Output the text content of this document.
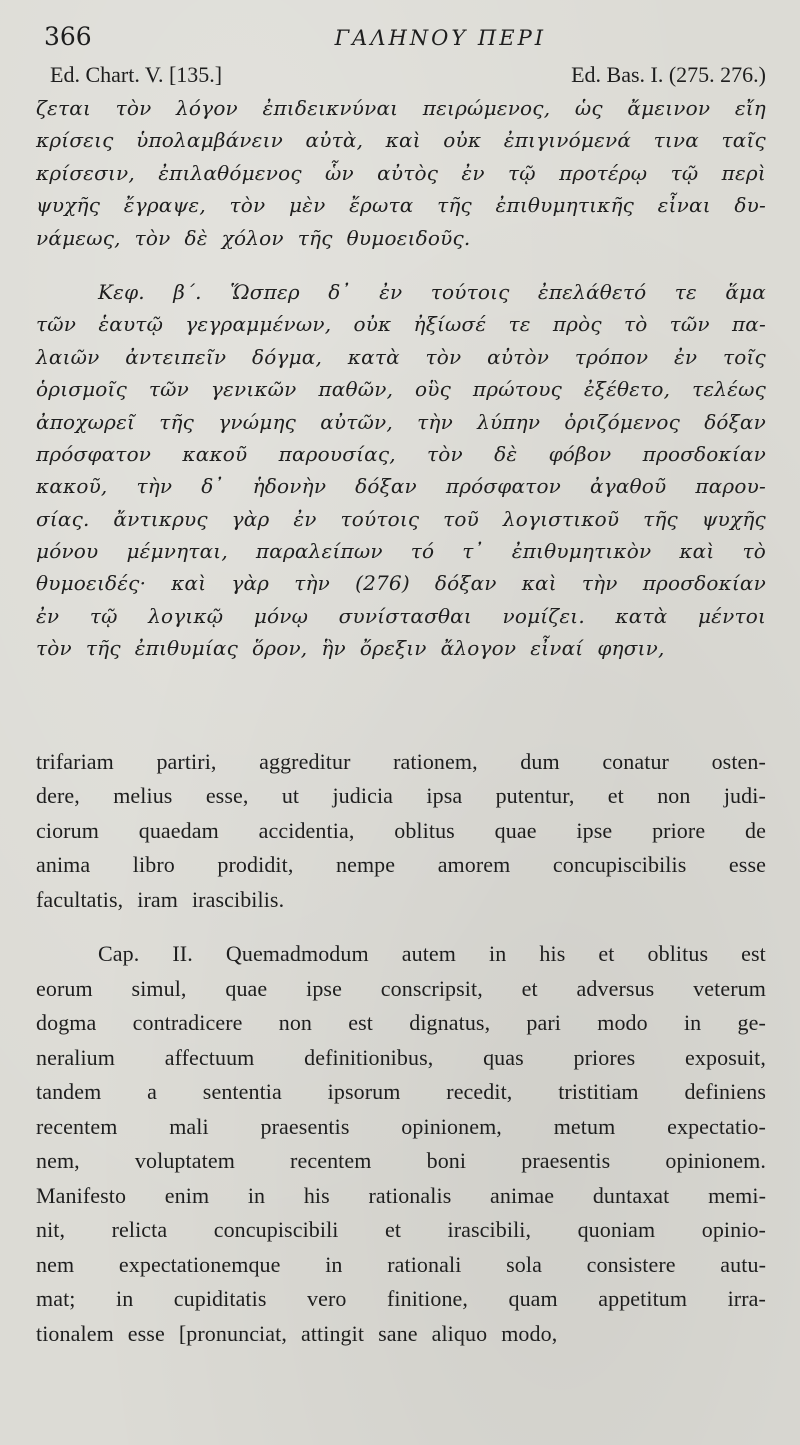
366	ΓΑΛΗΝΟΥ ΠΕΡΙ
Ed. Chart. V. [135.]	Ed. Bas. I. (275. 276.)
ζεται τὸν λόγον ἐπιδεικνύναι πειρώμενος, ὡς ἄμεινον εἴη
κρίσεις ὑπολαμβάνειν αὐτὰ, καὶ οὐκ ἐπιγινόμενά τινα ταῖς
κρίσεσιν, ἐπιλαθόμενος ὧν αὐτὸς ἐν τῷ προτέρῳ τῷ περὶ
ψυχῆς ἔγραψε, τὸν μὲν ἔρωτα τῆς ἐπιθυμητικῆς εἶναι δυ-
νάμεως, τὸν δὲ χόλον τῆς θυμοειδοῦς.
Κεφ. β΄. Ὥσπερ δ᾽ ἐν τούτοις ἐπελάθετό τε ἅμα
τῶν ἑαυτῷ γεγραμμένων, οὐκ ἠξίωσέ τε πρὸς τὸ τῶν πα-
λαιῶν ἀντειπεῖν δόγμα, κατὰ τὸν αὐτὸν τρόπον ἐν τοῖς
ὁρισμοῖς τῶν γενικῶν παθῶν, οὓς πρώτους ἐξέθετο, τελέως
ἀποχωρεῖ τῆς γνώμης αὐτῶν, τὴν λύπην ὁριζόμενος δόξαν
πρόσφατον κακοῦ παρουσίας, τὸν δὲ φόβον προσδοκίαν
κακοῦ, τὴν δ᾽ ἡδονὴν δόξαν πρόσφατον ἀγαθοῦ παρου-
σίας. ἄντικρυς γὰρ ἐν τούτοις τοῦ λογιστικοῦ τῆς ψυχῆς
μόνου μέμνηται, παραλείπων τό τ᾽ ἐπιθυμητικὸν καὶ τὸ
θυμοειδές· καὶ γὰρ τὴν (276) δόξαν καὶ τὴν προσδοκίαν
ἐν τῷ λογικῷ μόνῳ συνίστασθαι νομίζει. κατὰ μέντοι
τὸν τῆς ἐπιθυμίας ὅρον, ἣν ὄρεξιν ἄλογον εἶναί φησιν,
trifariam partiri, aggreditur rationem, dum conatur osten-
dere, melius esse, ut judicia ipsa putentur, et non judi-
ciorum quaedam accidentia, oblitus quae ipse priore de
anima libro prodidit, nempe amorem concupiscibilis esse
facultatis, iram irascibilis.
Cap. II. Quemadmodum autem in his et oblitus est
eorum simul, quae ipse conscripsit, et adversus veterum
dogma contradicere non est dignatus, pari modo in ge-
neralium affectuum definitionibus, quas priores exposuit,
tandem a sententia ipsorum recedit, tristitiam definiens
recentem mali praesentis opinionem, metum expectatio-
nem,	voluptatem	recentem	boni	praesentis	opinionem.
Manifesto enim in his rationalis animae duntaxat memi-
nit, relicta concupiscibili et irascibili, quoniam opinio-
nem expectationemque in rationali sola consistere autu-
mat; in cupiditatis vero finitione, quam appetitum irra-
tionalem esse [pronunciat, attingit sane aliquo modo,
